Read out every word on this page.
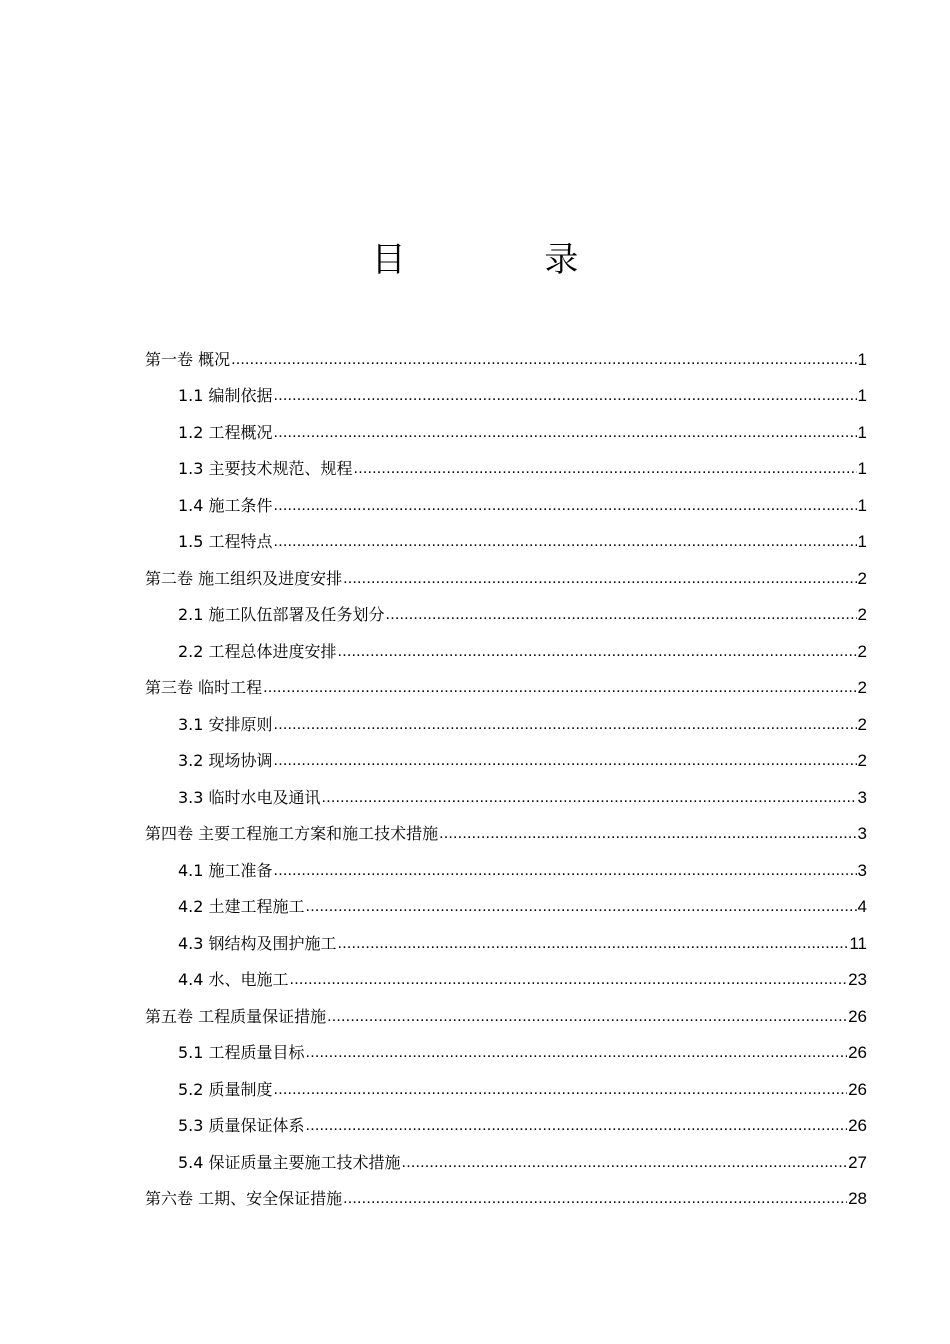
目 录
第一卷 概况 .....	1
1.1 编制依据 .....	1
1.2 工程概况 .....	1
1.3 主要技术规范、规程 .....	1
1.4 施工条件 .....	1
1.5 工程特点 .....	1
第二卷 施工组织及进度安排 .....	2
2.1 施工队伍部署及任务划分 .....	2
2.2 工程总体进度安排 .....	2
第三卷 临时工程 .....	2
3.1 安排原则 .....	2
3.2 现场协调 .....	2
3.3 临时水电及通讯 .....	3
第四卷 主要工程施工方案和施工技术措施 .....	3
4.1 施工准备 .....	3
4.2 土建工程施工 .....	4
4.3 钢结构及围护施工 .....	11
4.4 水、电施工 .....	23
第五卷 工程质量保证措施 .....	26
5.1 工程质量目标 .....	26
5.2 质量制度 .....	26
5.3 质量保证体系 .....	26
5.4 保证质量主要施工技术措施 .....	27
第六卷 工期、安全保证措施 .....	28
